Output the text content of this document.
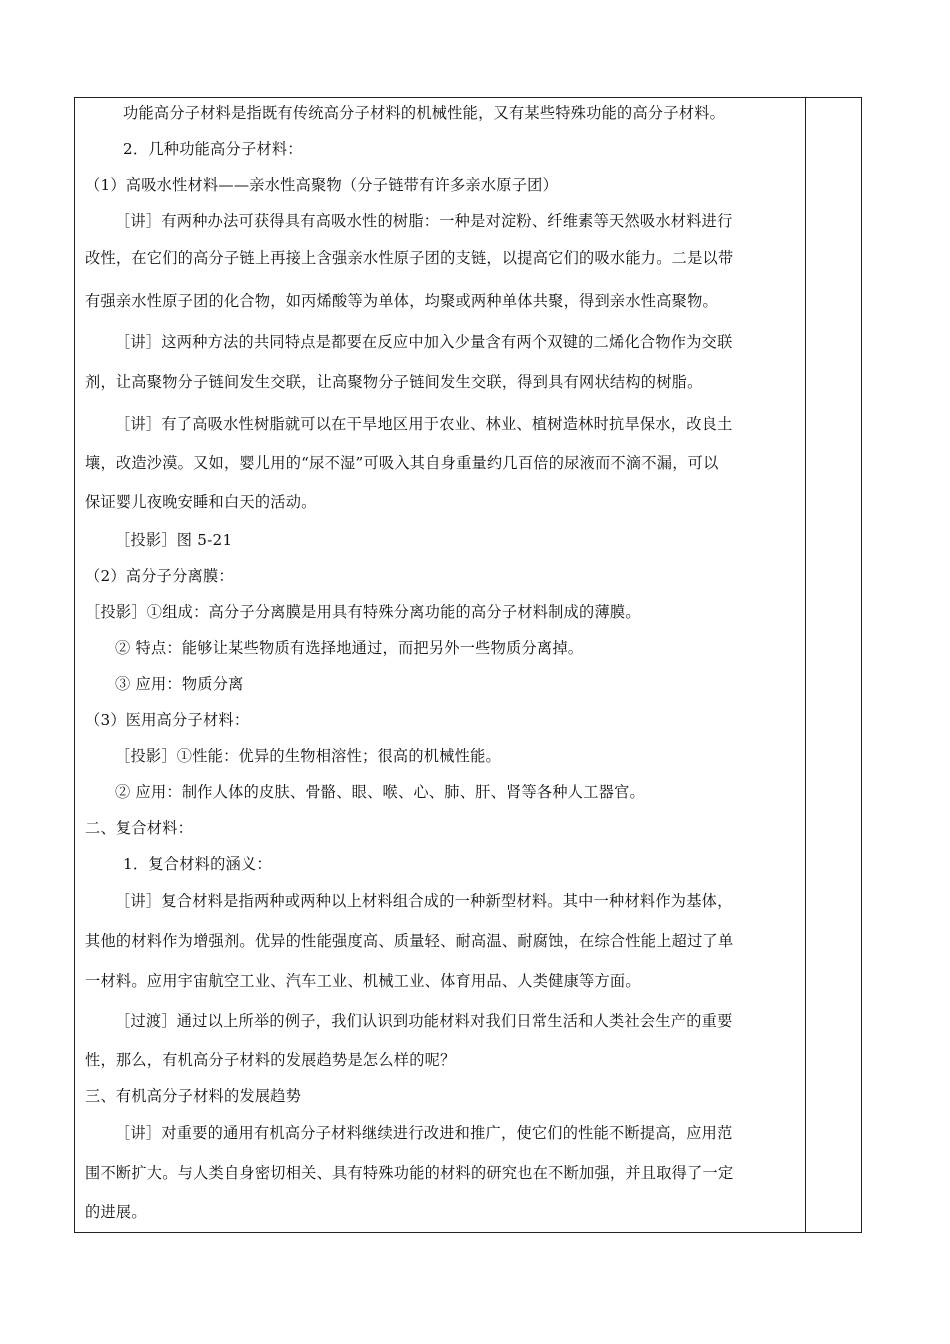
功能高分子材料是指既有传统高分子材料的机械性能，又有某些特殊功能的高分子材料。
2．几种功能高分子材料：
（1）高吸水性材料——亲水性高聚物（分子链带有许多亲水原子团）
［讲］有两种办法可获得具有高吸水性的树脂：一种是对淀粉、纤维素等天然吸水材料进行
改性，在它们的高分子链上再接上含强亲水性原子团的支链，以提高它们的吸水能力。二是以带
有强亲水性原子团的化合物，如丙烯酸等为单体，均聚或两种单体共聚，得到亲水性高聚物。
［讲］这两种方法的共同特点是都要在反应中加入少量含有两个双键的二烯化合物作为交联
剂，让高聚物分子链间发生交联，让高聚物分子链间发生交联，得到具有网状结构的树脂。
［讲］有了高吸水性树脂就可以在干旱地区用于农业、林业、植树造林时抗旱保水，改良土
壤，改造沙漠。又如，婴儿用的“尿不湿”可吸入其自身重量约几百倍的尿液而不滴不漏，可以
保证婴儿夜晚安睡和白天的活动。
［投影］图 5-21
（2）高分子分离膜：
［投影］①组成：高分子分离膜是用具有特殊分离功能的高分子材料制成的薄膜。
② 特点：能够让某些物质有选择地通过，而把另外一些物质分离掉。
③ 应用：物质分离
（3）医用高分子材料：
［投影］①性能：优异的生物相溶性；很高的机械性能。
② 应用：制作人体的皮肤、骨骼、眼、喉、心、肺、肝、肾等各种人工器官。
二、复合材料：
1．复合材料的涵义：
［讲］复合材料是指两种或两种以上材料组合成的一种新型材料。其中一种材料作为基体，
其他的材料作为增强剂。优异的性能强度高、质量轻、耐高温、耐腐蚀，在综合性能上超过了单
一材料。应用宇宙航空工业、汽车工业、机械工业、体育用品、人类健康等方面。
［过渡］通过以上所举的例子，我们认识到功能材料对我们日常生活和人类社会生产的重要
性，那么，有机高分子材料的发展趋势是怎么样的呢？
三、有机高分子材料的发展趋势
［讲］对重要的通用有机高分子材料继续进行改进和推广，使它们的性能不断提高，应用范
围不断扩大。与人类自身密切相关、具有特殊功能的材料的研究也在不断加强，并且取得了一定
的进展。
